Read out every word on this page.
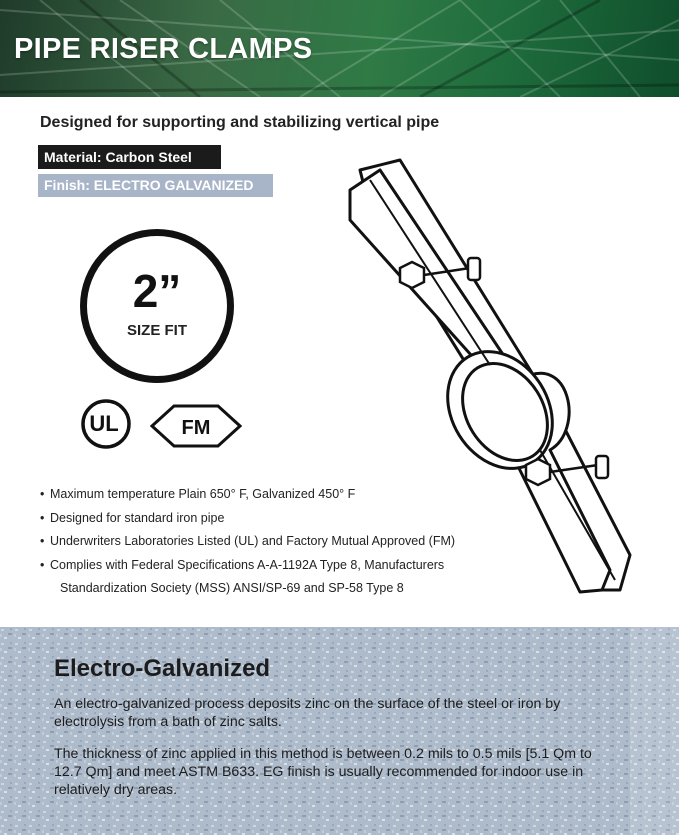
PIPE RISER CLAMPS
Designed for supporting and stabilizing vertical pipe
Material: Carbon Steel
Finish: ELECTRO GALVANIZED
2”
SIZE FIT
UL	FM
• Maximum temperature Plain 650° F, Galvanized 450° F
• Designed for standard iron pipe
• Underwriters Laboratories Listed (UL) and Factory Mutual Approved (FM)
• Complies with Federal Specifications A-A-1192A Type 8, Manufacturers
Standardization Society (MSS) ANSI/SP-69 and SP-58 Type 8
Electro-Galvanized
An electro-galvanized process deposits zinc on the surface of the steel or iron by electrolysis from a bath of zinc salts.
The thickness of zinc applied in this method is between 0.2 mils to 0.5 mils [5.1 Qm to 12.7 Qm] and meet ASTM B633. EG finish is usually recommended for indoor use in relatively dry areas.
